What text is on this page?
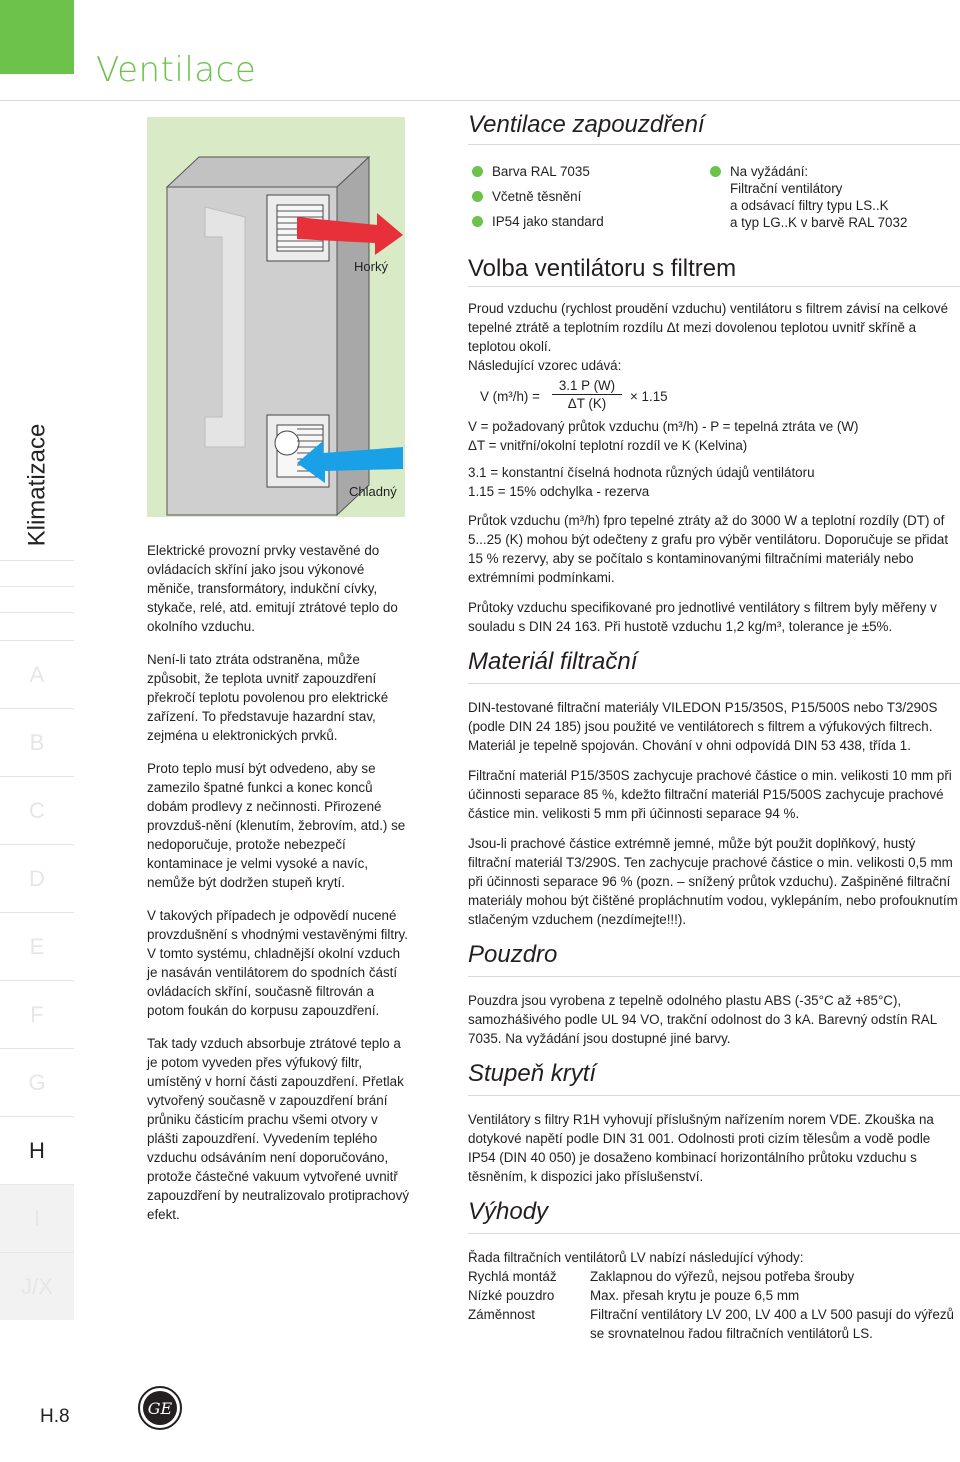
Ventilace
Klimatizace
A
B
C
D
E
F
G
H
I
J/X
H.8
Horký
Chladný

Elektrické provozní prvky vestavěné do ovládacích skříní jako jsou výkonové měniče, transformátory, indukční cívky, stykače, relé, atd. emitují ztrátové teplo do okolního vzduchu.

Není-li tato ztráta odstraněna, může způsobit, že teplota uvnitř zapouzdření překročí teplotu povolenou pro elektrické zařízení. To představuje hazardní stav, zejména u elektronických prvků.

Proto teplo musí být odvedeno, aby se zamezilo špatné funkci a konec konců dobám prodlevy z nečinnosti. Přirozené provzduš-nění (klenutím, žebrovím, atd.) se nedoporučuje, protože nebezpečí kontaminace je velmi vysoké a navíc, nemůže být dodržen stupeň krytí.

V takových případech je odpovědí nucené provzdušnění s vhodnými vestavěnými filtry. V tomto systému, chladnější okolní vzduch je nasáván ventilátorem do spodních částí ovládacích skříní, současně filtrován a potom foukán do korpusu zapouzdření.

Tak tady vzduch absorbuje ztrátové teplo a je potom vyveden přes výfukový filtr, umístěný v horní části zapouzdření. Přetlak vytvořený současně v zapouzdření brání průniku částicím prachu všemi otvory v plášti zapouzdření. Vyvedením teplého vzduchu odsáváním není doporučováno, protože částečné vakuum vytvořené uvnitř zapouzdření by neutralizovalo protiprachový efekt.

GE
Ventilace zapouzdření
Barva RAL 7035
Včetně těsnění
IP54 jako standard
Na vyžádání:
Filtrační ventilátory
a odsávací filtry typu LS..K
a typ LG..K v barvě RAL 7032
Volba ventilátoru s filtrem

Proud vzduchu (rychlost proudění vzduchu) ventilátoru s filtrem závisí na celkové tepelné ztrátě a teplotním rozdílu Δt mezi dovolenou teplotou uvnitř skříně a teplotou okolí.

Následující vzorec udává:

V (m³/h) =
3.1 P (W)
ΔT (K)	× 1.15

V = požadovaný průtok vzduchu (m³/h) - P = tepelná ztráta ve (W)

ΔT = vnitřní/okolní teplotní rozdíl ve K (Kelvina)

3.1 = konstantní číselná hodnota různých údajů ventilátoru

1.15 = 15% odchylka - rezerva

Průtok vzduchu (m³/h) fpro tepelné ztráty až do 3000 W a teplotní rozdíly (DT) of 5...25 (K) mohou být odečteny z grafu pro výběr ventilátoru. Doporučuje se přidat 15 % rezervy, aby se počítalo s kontaminovanými filtračními materiály nebo extrémními podmínkami.

Průtoky vzduchu specifikované pro jednotlivé ventilátory s filtrem byly měřeny v souladu s DIN 24 163. Při hustotě vzduchu 1,2 kg/m³, tolerance je ±5%.

Materiál filtrační

DIN-testované filtrační materiály VILEDON P15/350S, P15/500S nebo T3/290S (podle DIN 24 185) jsou použité ve ventilátorech s filtrem a výfukových filtrech. Materiál je tepelně spojován. Chování v ohni odpovídá DIN 53 438, třída 1.

Filtrační materiál P15/350S zachycuje prachové částice o min. velikosti 10 mm při účinnosti separace 85 %, kdežto filtrační materiál P15/500S zachycuje prachové částice min. velikosti 5 mm při účinnosti separace 94 %.

Jsou-li prachové částice extrémně jemné, může být použit doplňkový, hustý filtrační materiál T3/290S. Ten zachycuje prachové částice o min. velikosti 0,5 mm při účinnosti separace 96 % (pozn. – snížený průtok vzduchu). Zašpiněné filtrační materiály mohou být čištěné propláchnutím vodou, vyklepáním, nebo profouknutím stlačeným vzduchem (nezdímejte!!!).

Pouzdro

Pouzdra jsou vyrobena z tepelně odolného plastu ABS (-35°C až +85°C), samozhášivého podle UL 94 VO, trakční odolnost do 3 kA. Barevný odstín RAL 7035. Na vyžádání jsou dostupné jiné barvy.

Stupeň krytí

Ventilátory s filtry R1H vyhovují příslušným nařízením norem VDE. Zkouška na dotykové napětí podle DIN 31 001. Odolnosti proti cizím tělesům a vodě podle IP54 (DIN 40 050) je dosaženo kombinací horizontálního průtoku vzduchu s těsněním, k dispozici jako příslušenství.

Výhody

Řada filtračních ventilátorů LV nabízí následující výhody:

Rychlá montáž	Zaklapnou do výřezů, nejsou potřeba šrouby
Nízké pouzdro	Max. přesah krytu je pouze 6,5 mm
Záměnnost	Filtrační ventilátory LV 200, LV 400 a LV 500 pasují do výřezů se srovnatelnou řadou filtračních ventilátorů LS.
